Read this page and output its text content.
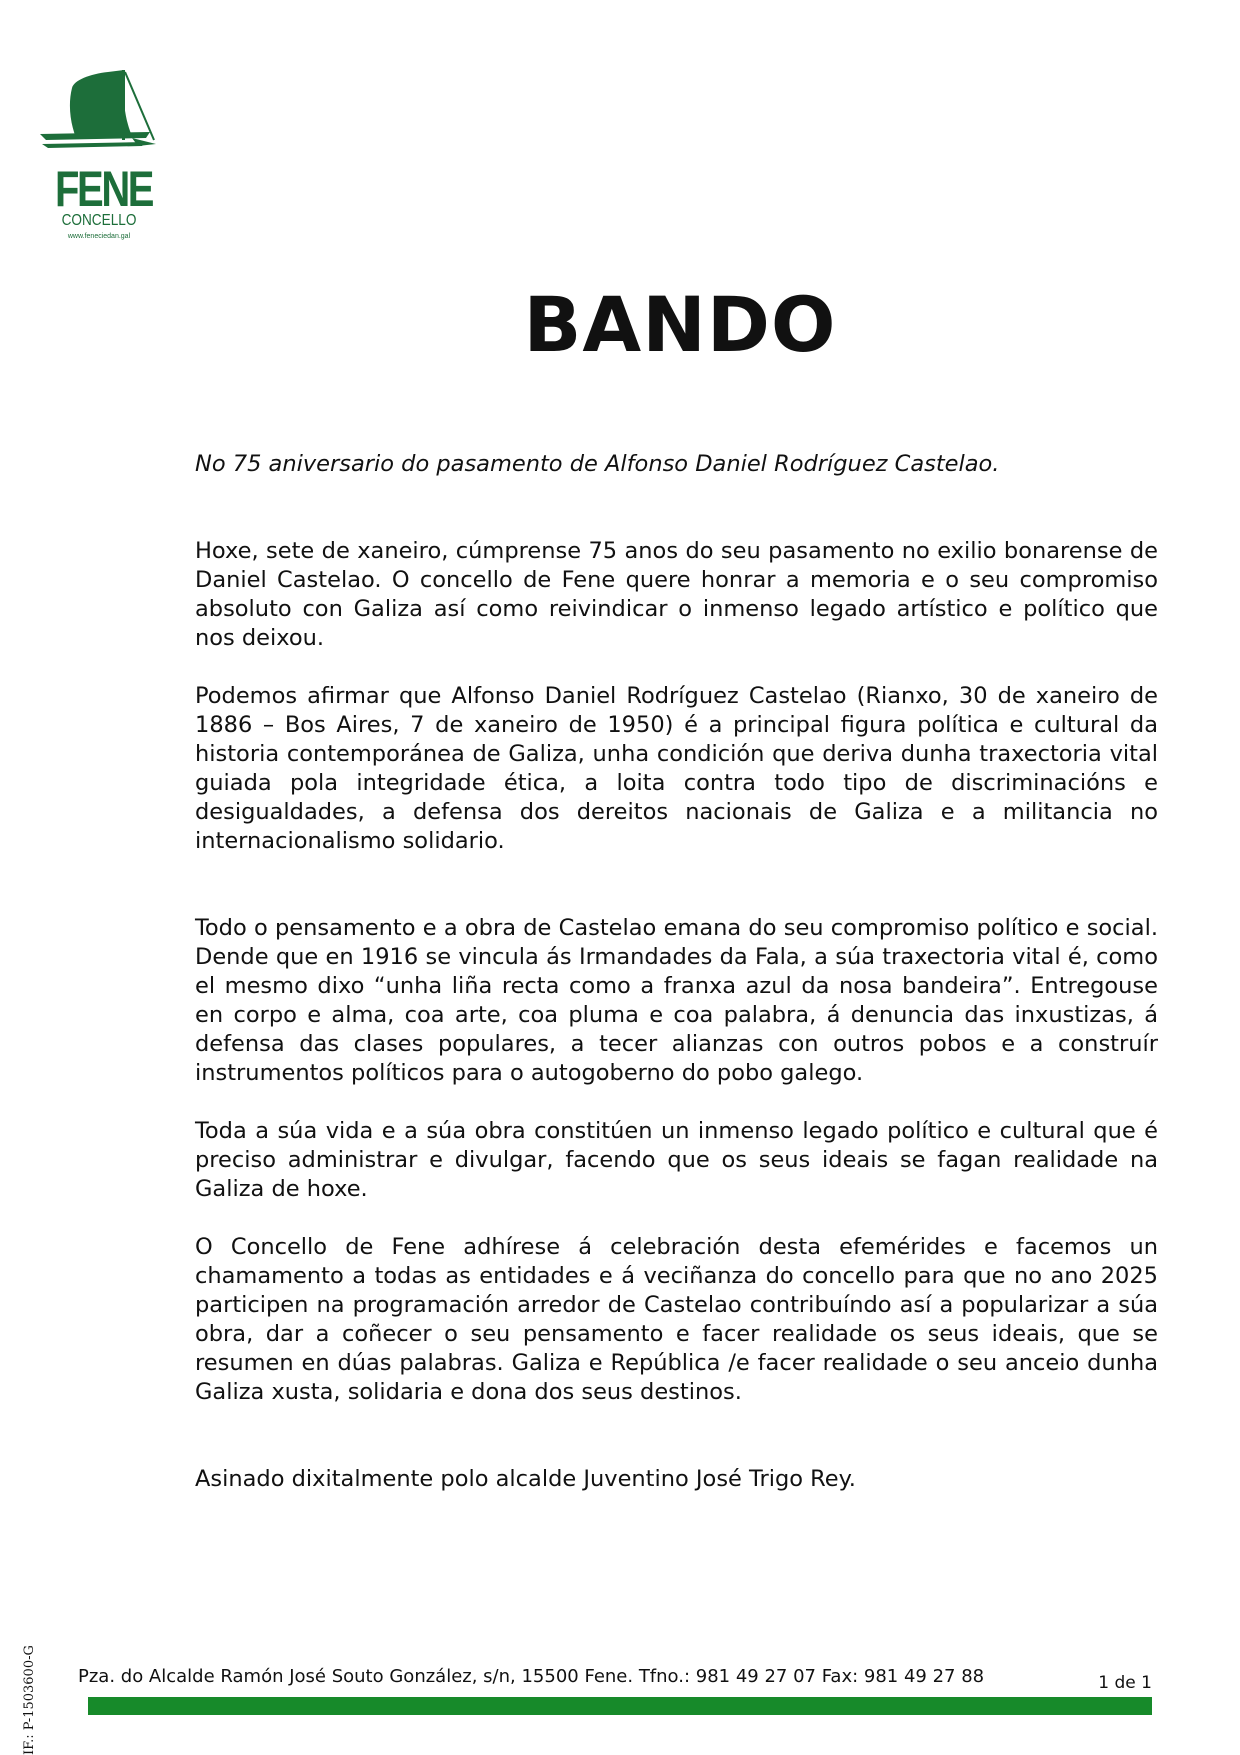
FENE
CONCELLO
www.feneciedan.gal
BANDO

No 75 aniversario do pasamento de Alfonso Daniel Rodríguez Castelao.

Hoxe, sete de xaneiro, cúmprense 75 anos do seu pasamento no exilio bonarense de Daniel Castelao. O concello de Fene quere honrar a memoria e o seu compromiso absoluto con Galiza así como reivindicar o inmenso legado artístico e político que nos deixou.

Podemos afirmar que Alfonso Daniel Rodríguez Castelao (Rianxo, 30 de xaneiro de 1886 – Bos Aires, 7 de xaneiro de 1950) é a principal figura política e cultural da historia contemporánea de Galiza, unha condición que deriva dunha traxectoria vital guiada pola integridade ética, a loita contra todo tipo de discriminacións e desigualdades, a defensa dos dereitos nacionais de Galiza e a militancia no internacionalismo solidario.

Todo o pensamento e a obra de Castelao emana do seu compromiso político e social. Dende que en 1916 se vincula ás Irmandades da Fala, a súa traxectoria vital é, como el mesmo dixo “unha liña recta como a franxa azul da nosa bandeira”. Entregouse en corpo e alma, coa arte, coa pluma e coa palabra, á denuncia das inxustizas, á defensa das clases populares, a tecer alianzas con outros pobos e a construír instrumentos políticos para o autogoberno do pobo galego.

Toda a súa vida e a súa obra constitúen un inmenso legado político e cultural que é preciso administrar e divulgar, facendo que os seus ideais se fagan realidade na Galiza de hoxe.

O Concello de Fene adhírese á celebración desta efemérides e facemos un chamamento a todas as entidades e á veciñanza do concello para que no ano 2025 participen na programación arredor de Castelao contribuíndo así a popularizar a súa obra, dar a coñecer o seu pensamento e facer realidade os seus ideais, que se resumen en dúas palabras. Galiza e República /e facer realidade o seu anceio dunha Galiza xusta, solidaria e dona dos seus destinos.

Asinado dixitalmente polo alcalde Juventino José Trigo Rey.

IF.: P-1503600-G Pza. do Alcalde Ramón José Souto González, s/n, 15500 Fene. Tfno.: 981 49 27 07 Fax: 981 49 27 88	1 de 1
